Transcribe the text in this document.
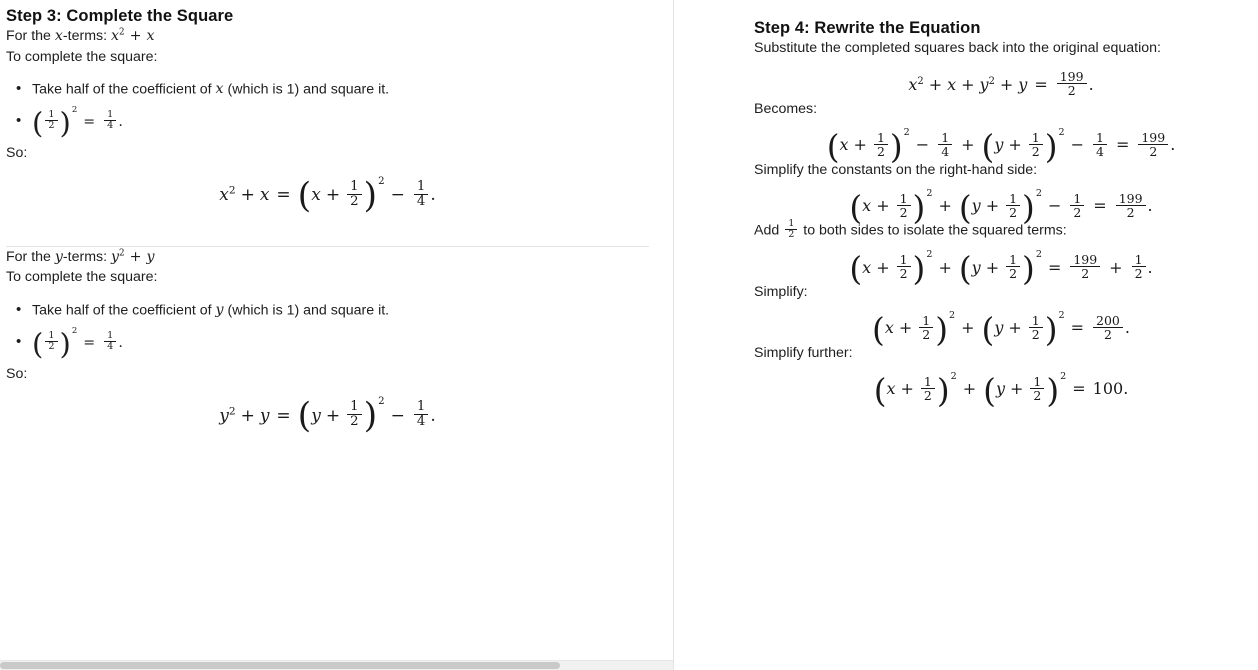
Step 3: Complete the Square

For the x-terms: $x^2 + x$

To complete the square:

• Take half of the coefficient of x (which is 1) and square it.
• ( $\frac{1}{2} )^2= \frac{1}{4}$ .

So:

$x^2 + x = (x + \frac{1}{2} )^2- \frac{1}{4}$ .

For the y-terms: $y^2 + y$

To complete the square:

• Take half of the coefficient of y (which is 1) and square it.
• ( $\frac{1}{2} )^2= \frac{1}{4}$ .

So:

$y^2 + y = (y + \frac{1}{2} )^2- \frac{1}{4}$ .
Step 4: Rewrite the Equation

Substitute the completed squares back into the original equation:

$x^2 + x + y^2 + y = \frac{199}{2}$ .

Becomes:

$(x + \frac{1}{2} )^2- \frac{1}{4} + (y + \frac{1}{2} )^2- \frac{1}{4} = \frac{199}{2}$ .

Simplify the constants on the right-hand side:

$(x + \frac{1}{2} )^2+ (y + \frac{1}{2} )^2- \frac{1}{2} = \frac{199}{2}$ .

Add $\frac{1}{2}$ to both sides to isolate the squared terms:

$(x + \frac{1}{2} )^2+ (y + \frac{1}{2} )^2= \frac{199}{2} + \frac{1}{2}$ .

Simplify:

$(x + \frac{1}{2} )^2+ (y + \frac{1}{2} )^2= \frac{200}{2}$ .

Simplify further:

$(x + \frac{1}{2} )^2+ (y + \frac{1}{2} )^2= 100$.
